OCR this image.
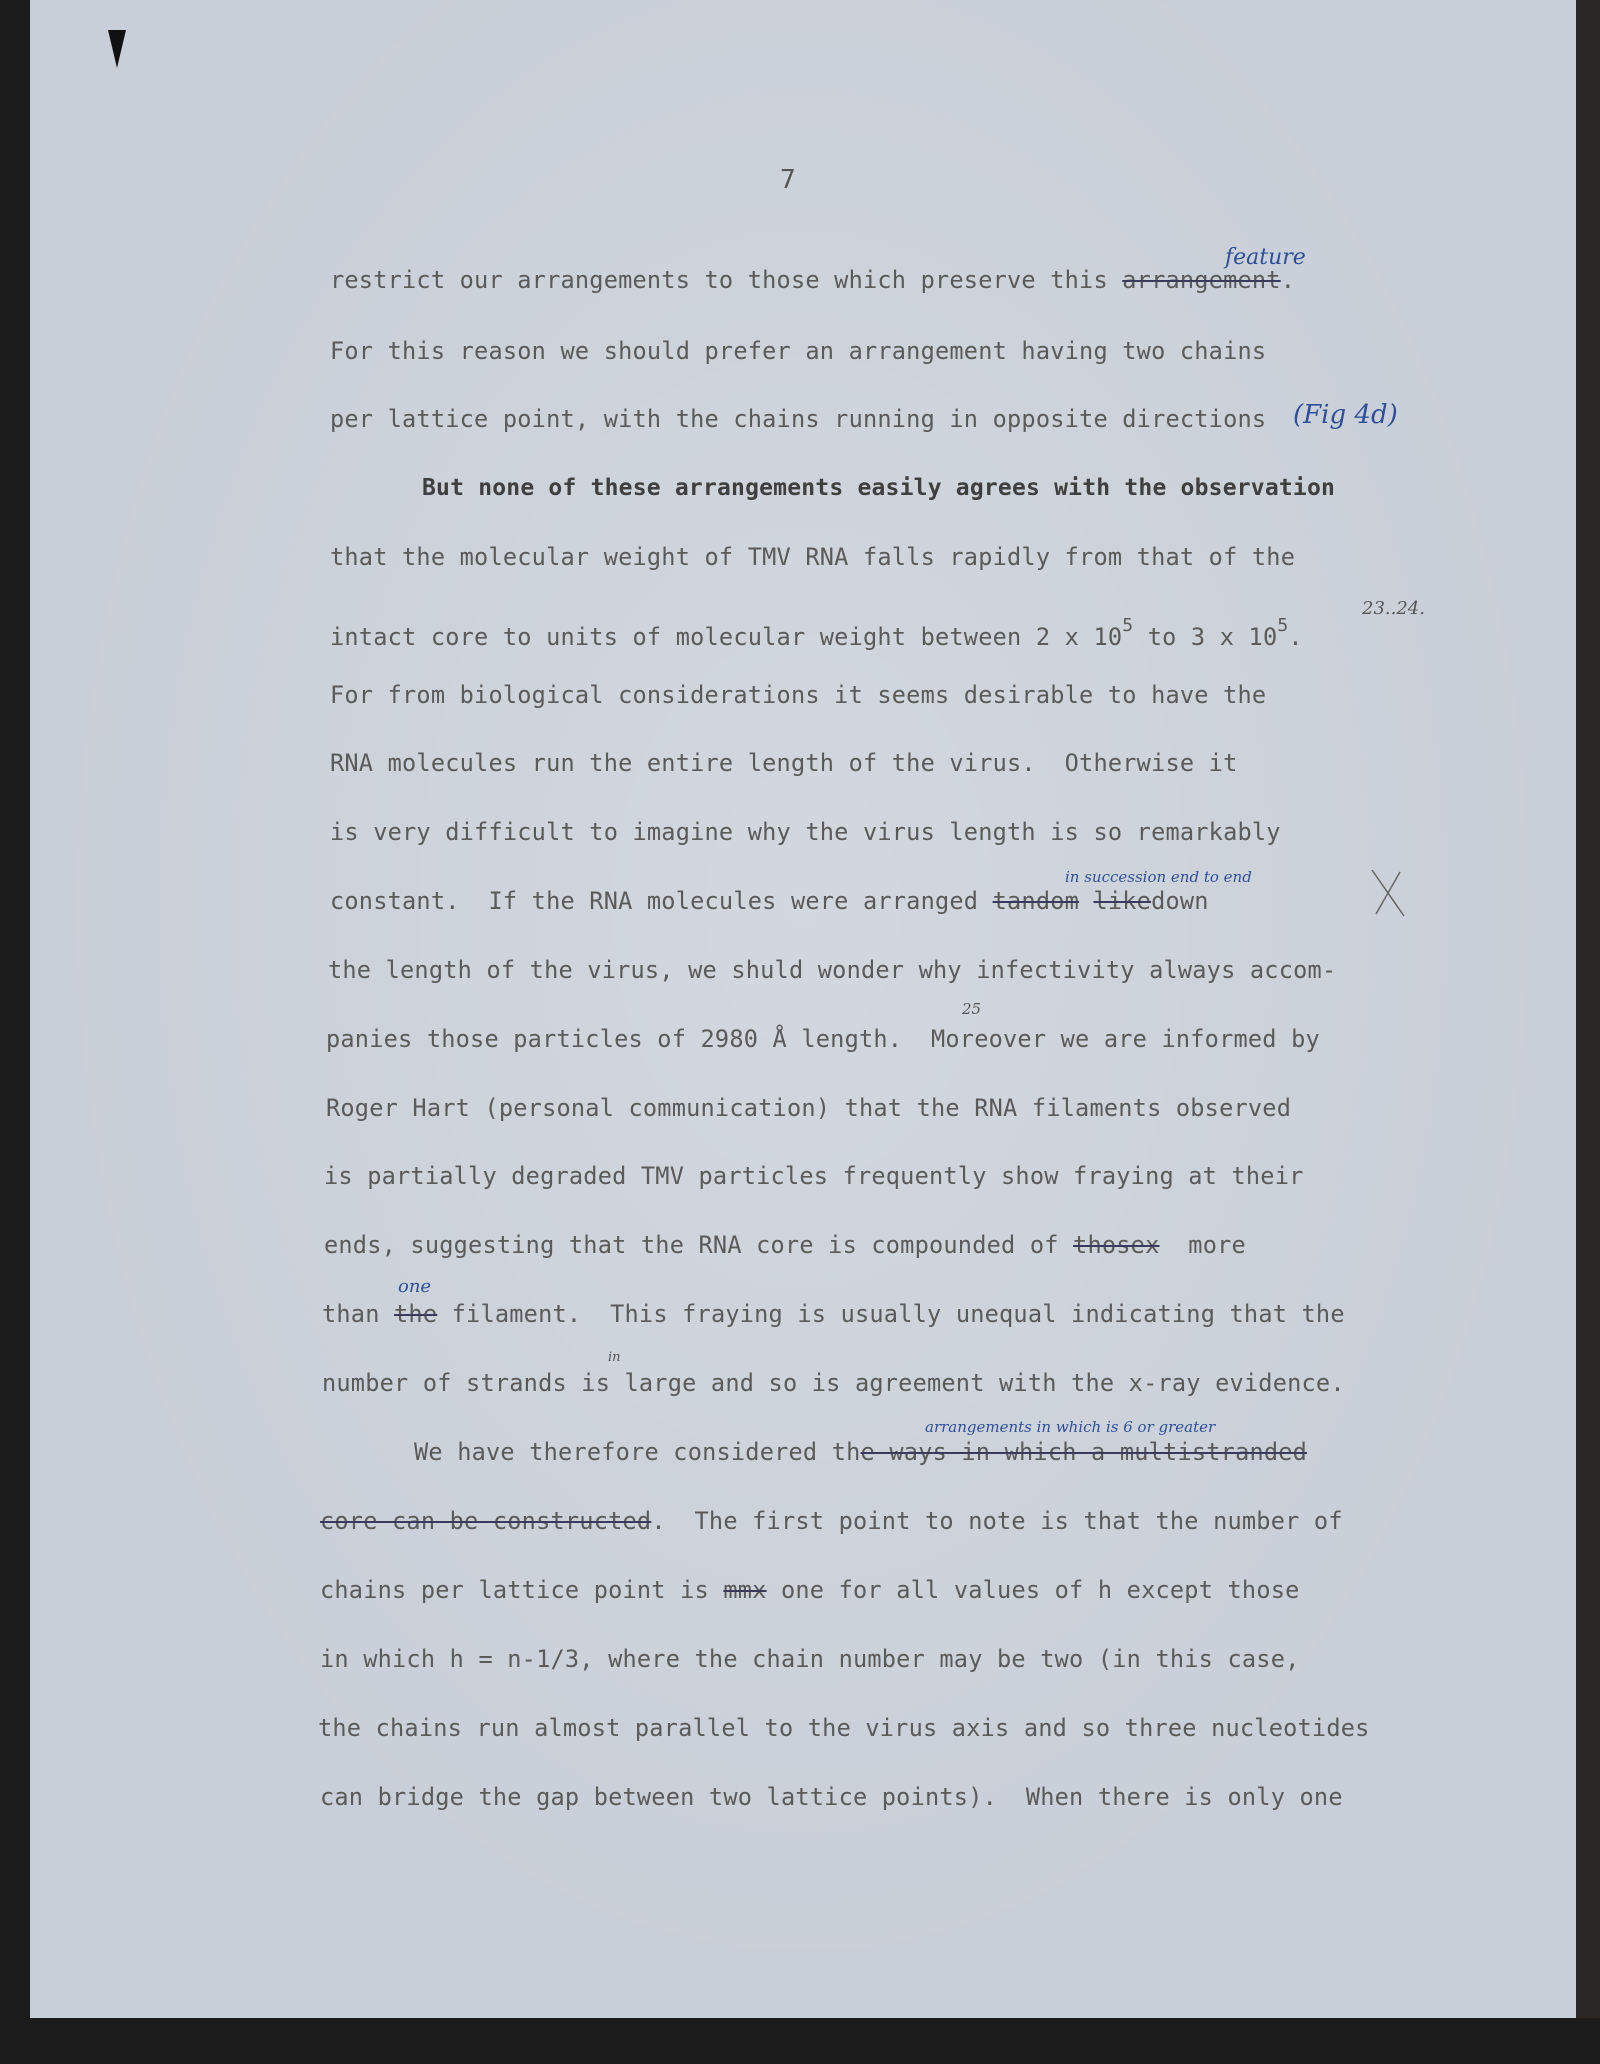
7
restrict our arrangements to those which preserve this arrangement.
feature
For this reason we should prefer an arrangement having two chains
per lattice point, with the chains running in opposite directions (Fig 4d)
But none of these arrangements easily agrees with the observation
that the molecular weight of TMV RNA falls rapidly from that of the
intact core to units of molecular weight between 2 x $10^5$ to 3 x $10^5$.
23..24.
For from biological considerations it seems desirable to have the
RNA molecules run the entire length of the virus.  Otherwise it
is very difficult to imagine why the virus length is so remarkably
constant.  If the RNA molecules were arranged tandom likedown
in succession end to end
the length of the virus, we shuld wonder why infectivity always accom-
panies those particles of 2980 Å length.  Moreover we are informed by
25
Roger Hart (personal communication) that the RNA filaments observed
is partially degraded TMV particles frequently show fraying at their
ends, suggesting that the RNA core is compounded of thosex  more
than the filament.  This fraying is usually unequal indicating that the
one
number of strands is large and so is agreement with the x-ray evidence.
in
We have therefore considered the ways in which a multistranded
arrangements in which is 6 or greater
core can be constructed.  The first point to note is that the number of
chains per lattice point is mmx one for all values of h except those
in which h = n-1/3, where the chain number may be two (in this case,
the chains run almost parallel to the virus axis and so three nucleotides
can bridge the gap between two lattice points).  When there is only one
